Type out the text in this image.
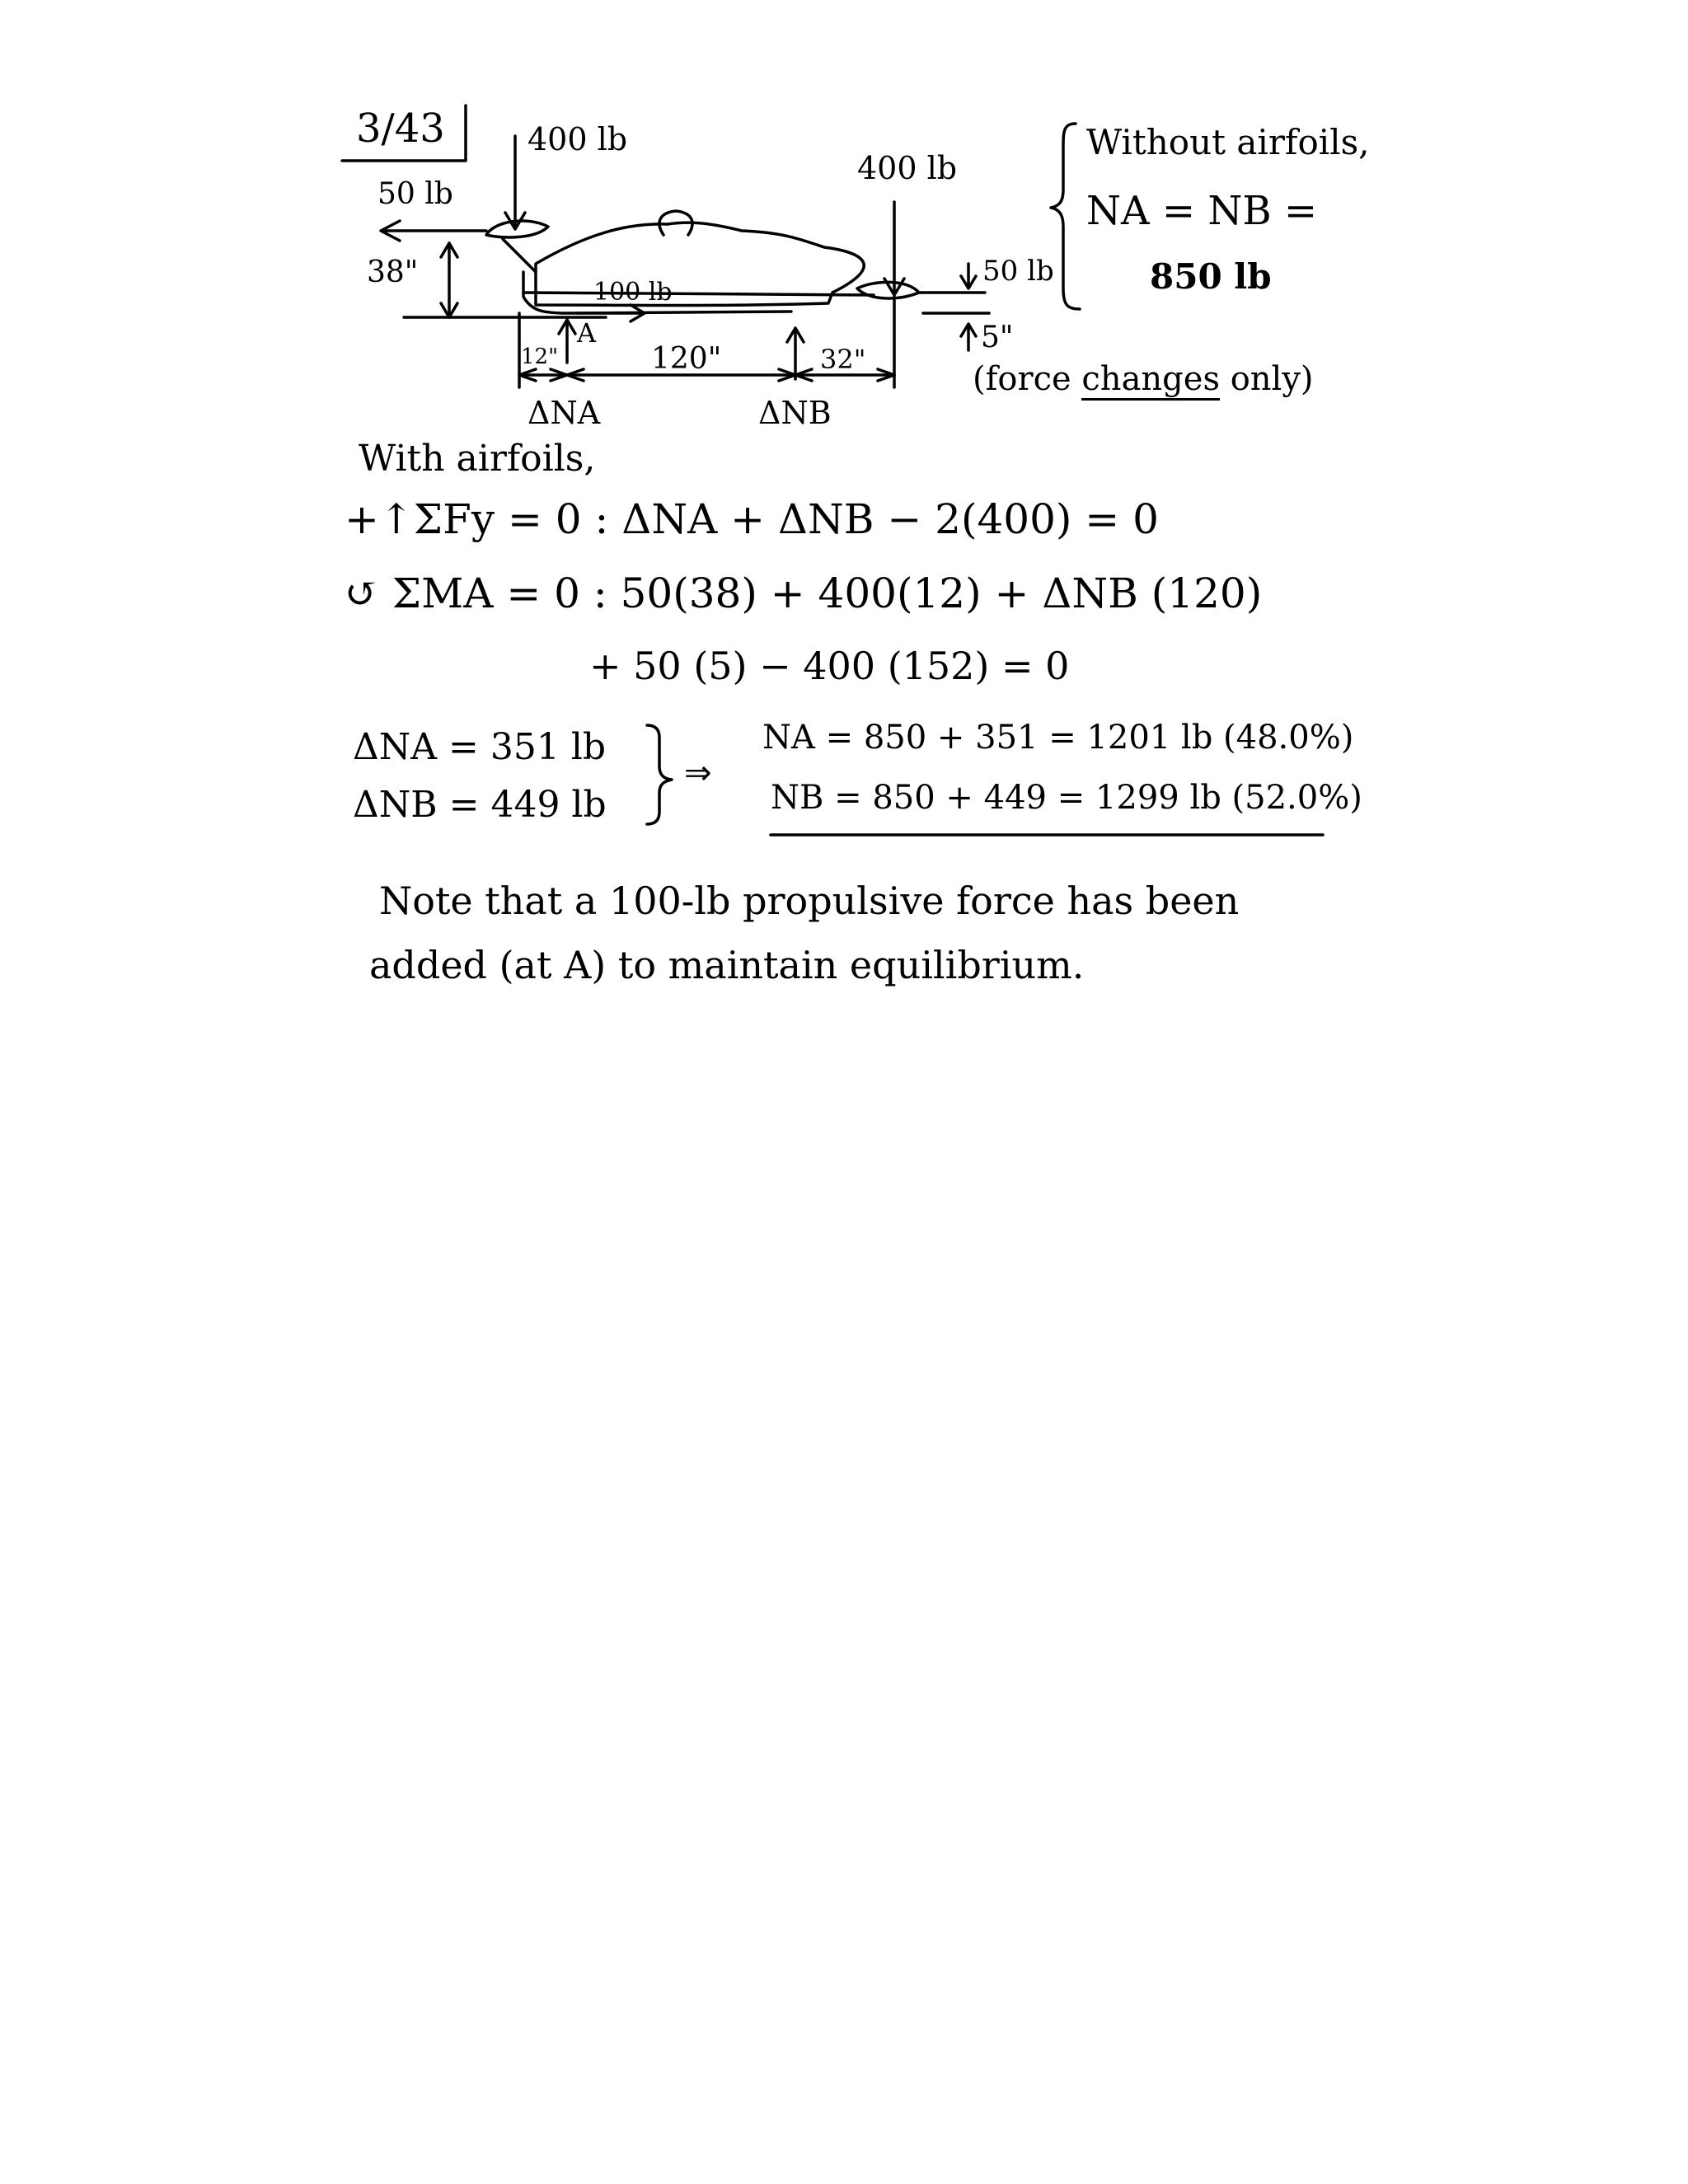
3/43	400 lb
400 lb
50 lb
50 lb
38"
100 lb
A
12"	120"	32"
5"
ΔNA	ΔNB
Without airfoils,
NA = NB =
850 lb
(force changes only)
With airfoils,
+↑ΣFy = 0 : ΔNA + ΔNB − 2(400) = 0
↺ ΣMA = 0 : 50(38) + 400(12) + ΔNB (120)
+ 50 (5) − 400 (152) = 0
ΔNA = 351 lb
ΔNB = 449 lb
⇒
NA = 850 + 351 = 1201 lb (48.0%)
NB = 850 + 449 = 1299 lb (52.0%)
Note that a 100-lb propulsive force has been
added (at A) to maintain equilibrium.
